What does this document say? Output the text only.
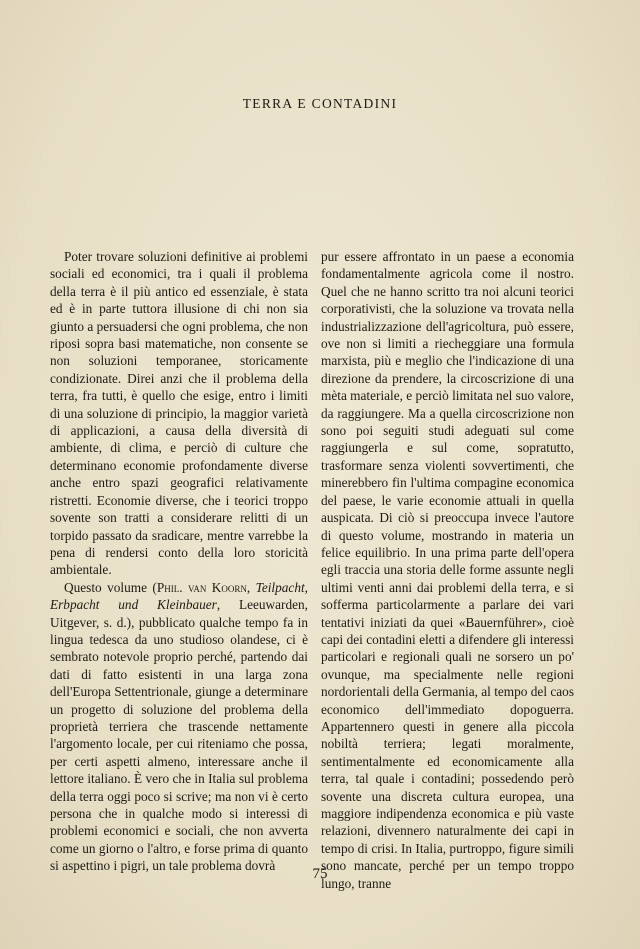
TERRA E CONTADINI

Poter trovare soluzioni definitive ai problemi sociali ed economici, tra i quali il problema della terra è il più antico ed essenziale, è stata ed è in parte tuttora illusione di chi non sia giunto a persuadersi che ogni problema, che non riposi sopra basi matematiche, non consente se non soluzioni temporanee, storicamente condizionate. Direi anzi che il problema della terra, fra tutti, è quello che esige, entro i limiti di una soluzione di principio, la maggior varietà di applicazioni, a causa della diversità di ambiente, di clima, e perciò di culture che determinano economie profondamente diverse anche entro spazi geografici relativamente ristretti. Economie diverse, che i teorici troppo sovente son tratti a considerare relitti di un torpido passato da sradicare, mentre varrebbe la pena di rendersi conto della loro storicità ambientale.

Questo volume (Phil. van Koorn, Teilpacht, Erbpacht und Kleinbauer, Leeuwarden, Uitgever, s. d.), pubblicato qualche tempo fa in lingua tedesca da uno studioso olandese, ci è sembrato notevole proprio perché, partendo dai dati di fatto esistenti in una larga zona dell'Europa Settentrionale, giunge a determinare un progetto di soluzione del problema della proprietà terriera che trascende nettamente l'argomento locale, per cui riteniamo che possa, per certi aspetti almeno, interessare anche il lettore italiano. È vero che in Italia sul problema della terra oggi poco si scrive; ma non vi è certo persona che in qualche modo si interessi di problemi economici e sociali, che non avverta come un giorno o l'altro, e forse prima di quanto si aspettino i pigri, un tale problema dovrà

pur essere affrontato in un paese a economia fondamentalmente agricola come il nostro. Quel che ne hanno scritto tra noi alcuni teorici corporativisti, che la soluzione va trovata nella industrializzazione dell'agricoltura, può essere, ove non si limiti a riecheggiare una formula marxista, più e meglio che l'indicazione di una direzione da prendere, la circoscrizione di una mèta materiale, e perciò limitata nel suo valore, da raggiungere. Ma a quella circoscrizione non sono poi seguiti studi adeguati sul come raggiungerla e sul come, sopratutto, trasformare senza violenti sovvertimenti, che minerebbero fin l'ultima compagine economica del paese, le varie economie attuali in quella auspicata. Di ciò si preoccupa invece l'autore di questo volume, mostrando in materia un felice equilibrio. In una prima parte dell'opera egli traccia una storia delle forme assunte negli ultimi venti anni dai problemi della terra, e si sofferma particolarmente a parlare dei vari tentativi iniziati da quei «Bauernführer», cioè capi dei contadini eletti a difendere gli interessi particolari e regionali quali ne sorsero un po' ovunque, ma specialmente nelle regioni nordorientali della Germania, al tempo del caos economico dell'immediato dopoguerra. Appartennero questi in genere alla piccola nobiltà terriera; legati moralmente, sentimentalmente ed economicamente alla terra, tal quale i contadini; possedendo però sovente una discreta cultura europea, una maggiore indipendenza economica e più vaste relazioni, divennero naturalmente dei capi in tempo di crisi. In Italia, purtroppo, figure simili sono mancate, perché per un tempo troppo lungo, tranne

75
